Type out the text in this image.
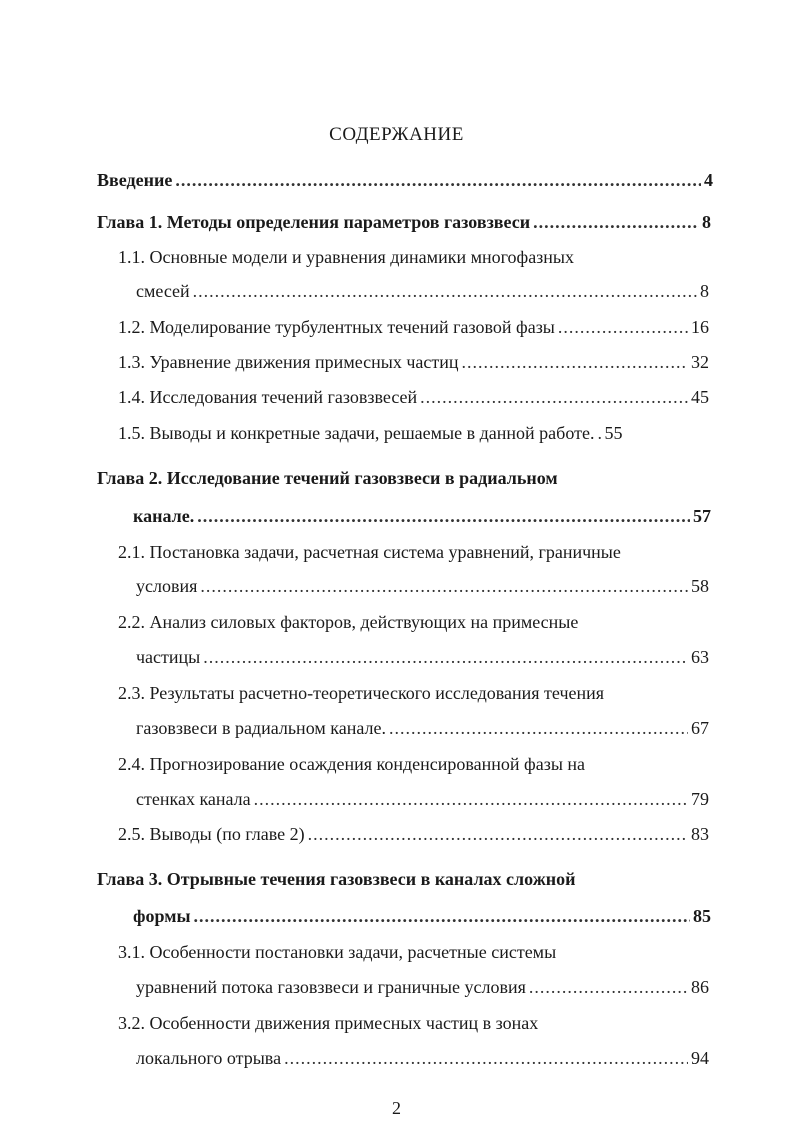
СОДЕРЖАНИЕ
Введение .....	4
Глава 1. Методы определения параметров газовзвеси .....	8
1.1. Основные модели и уравнения динамики многофазных
смесей .....	8
1.2. Моделирование турбулентных течений газовой фазы .....	16
1.3. Уравнение движения примесных частиц .....	32
1.4. Исследования течений газовзвесей .....	45
1.5. Выводы и конкретные задачи, решаемые в данной работе. ..... 55
Глава 2. Исследование течений газовзвеси в радиальном
канале. .....	57
2.1. Постановка задачи, расчетная система уравнений, граничные
условия .....	58
2.2. Анализ силовых факторов, действующих на примесные
частицы .....	63
2.3. Результаты расчетно-теоретического исследования течения
газовзвеси в радиальном канале. .....	67
2.4. Прогнозирование осаждения конденсированной фазы на
стенках канала .....	79
2.5. Выводы (по главе 2) .....	83
Глава 3. Отрывные течения газовзвеси в каналах сложной
формы .....	85
3.1. Особенности постановки задачи, расчетные системы
уравнений потока газовзвеси и граничные условия .....	86
3.2. Особенности движения примесных частиц в зонах
локального отрыва .....	94
2
